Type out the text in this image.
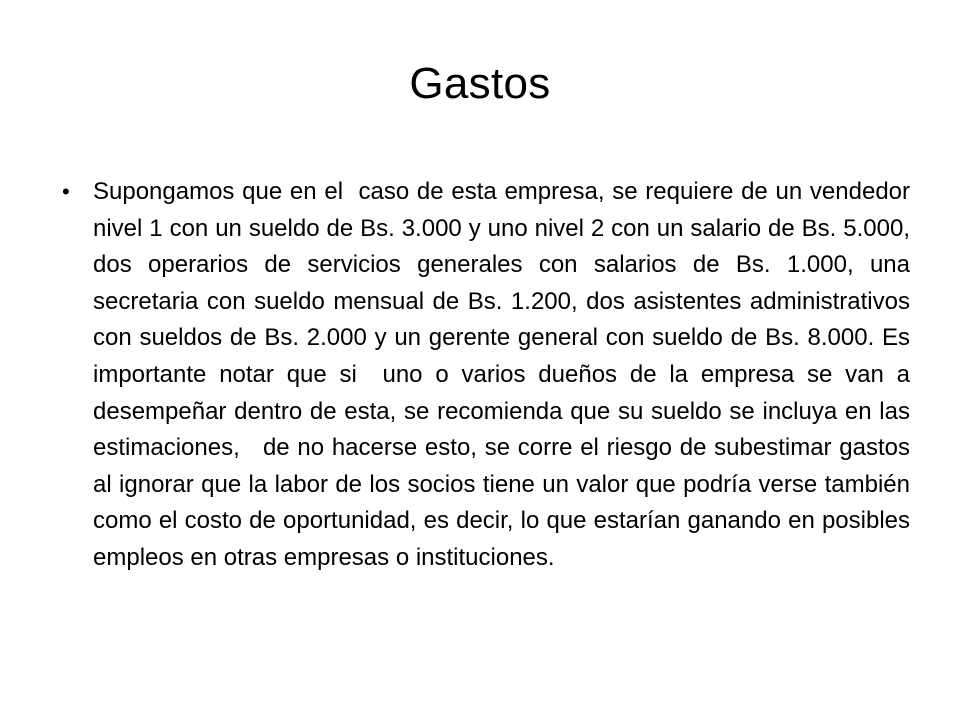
Gastos
• Supongamos que en el  caso de esta empresa, se requiere de un vendedor nivel 1 con un sueldo de Bs. 3.000 y uno nivel 2 con un salario de Bs. 5.000, dos operarios de servicios generales con salarios de Bs. 1.000, una secretaria con sueldo mensual de Bs. 1.200, dos asistentes administrativos con sueldos de Bs. 2.000 y un gerente general con sueldo de Bs. 8.000. Es importante notar que si  uno o varios dueños de la empresa se van a desempeñar dentro de esta, se recomienda que su sueldo se incluya en las estimaciones,   de no hacerse esto, se corre el riesgo de subestimar gastos al ignorar que la labor de los socios tiene un valor que podría verse también como el costo de oportunidad, es decir, lo que estarían ganando en posibles empleos en otras empresas o instituciones.
